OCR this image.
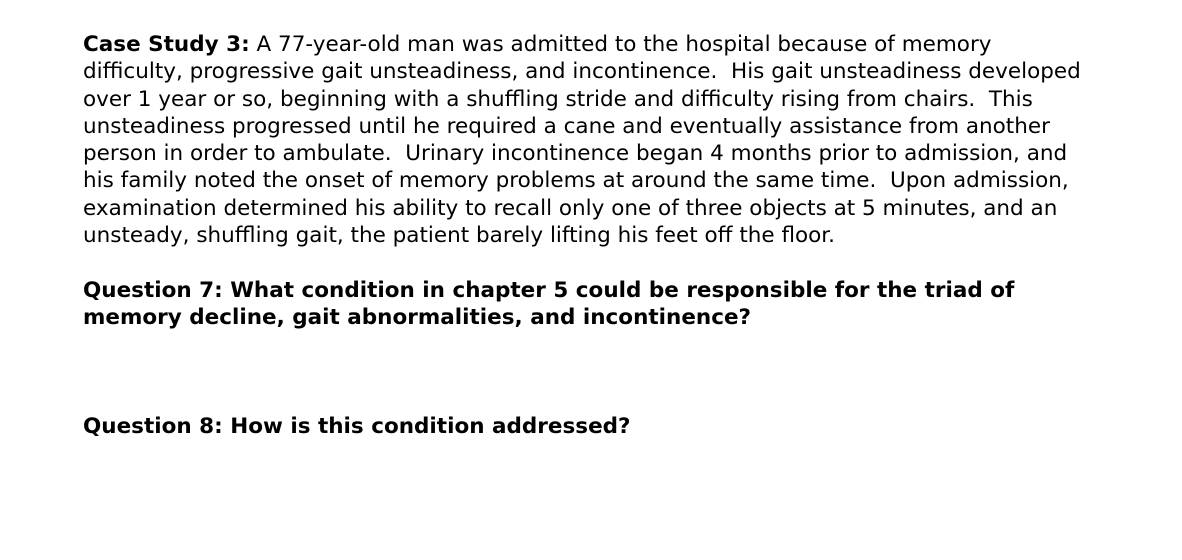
Case Study 3: A 77-year-old man was admitted to the hospital because of memory difficulty, progressive gait unsteadiness, and incontinence.  His gait unsteadiness developed over 1 year or so, beginning with a shuffling stride and difficulty rising from chairs.  This unsteadiness progressed until he required a cane and eventually assistance from another person in order to ambulate.  Urinary incontinence began 4 months prior to admission, and his family noted the onset of memory problems at around the same time.  Upon admission, examination determined his ability to recall only one of three objects at 5 minutes, and an unsteady, shuffling gait, the patient barely lifting his feet off the floor.

Question 7: What condition in chapter 5 could be responsible for the triad of memory decline, gait abnormalities, and incontinence?

Question 8: How is this condition addressed?
